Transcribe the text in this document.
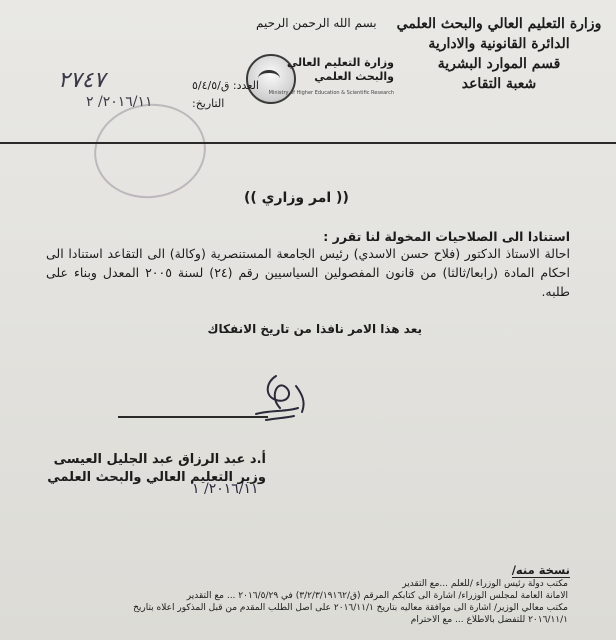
وزارة التعليم العالي والبحث العلمي
الدائرة القانونية والادارية
قسم الموارد البشرية
شعبة التقاعد
بسم الله الرحمن الرحيم
وزارة التعليم العالي
والبحث العلمي
Ministry of Higher Education & Scientific Research
العدد: ق/٥/٤/٥
٢٧٤٧
التاريخ:
٢٠١٦/١١/ ٢
(( امر وزاري ))
استنادا الى الصلاحيات المخولة لنا تقرر :
احالة الاستاذ الدكتور (فلاح حسن الاسدي) رئيس الجامعة المستنصرية (وكالة) الى التقاعد استنادا الى احكام المادة (رابعا/ثالثا) من قانون المفصولين السياسيين رقم (٢٤) لسنة ٢٠٠٥ المعدل وبناء على طلبه.
يعد هذا الامر نافذا من تاريخ الانفكاك
أ.د عبد الرزاق عبد الجليل العيسى
وزير التعليم العالي والبحث العلمي
٢٠١٦/١١/ ١
نسخة منه/
مكتب دولة رئيس الوزراء /للعلم ...مع التقدير
الامانة العامة لمجلس الوزراء/ اشارة الى كتابكم المرقم (ق/٣/٢/٣/١٩١٦٢) في ٢٠١٦/٥/٢٩ ... مع التقدير
مكتب معالي الوزير/ اشارة الى موافقة معاليه بتاريخ ٢٠١٦/١١/١ على اصل الطلب المقدم من قبل المذكور اعلاه بتاريخ
٢٠١٦/١١/١ للتفضل بالاطلاع ... مع الاحترام
